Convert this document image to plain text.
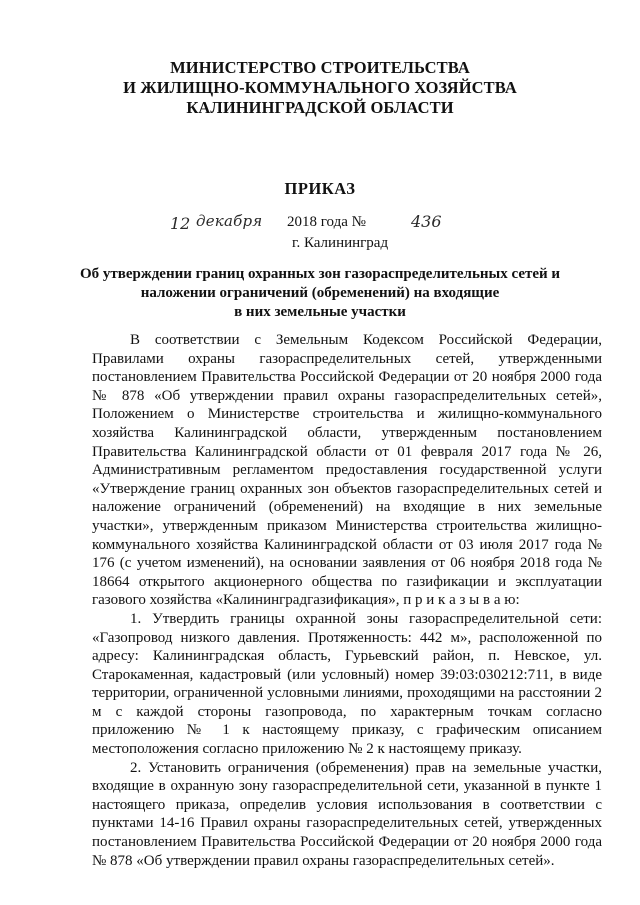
МИНИСТЕРСТВО СТРОИТЕЛЬСТВА
И ЖИЛИЩНО-КОММУНАЛЬНОГО ХОЗЯЙСТВА
КАЛИНИНГРАДСКОЙ ОБЛАСТИ
ПРИКАЗ
12 декабря 2018 года №	436
г. Калининград
Об утверждении границ охранных зон газораспределительных сетей и
наложении ограничений (обременений) на входящие
в них земельные участки

В соответствии с Земельным Кодексом Российской Федерации, Правилами охраны газораспределительных сетей, утвержденными постановлением Правительства Российской Федерации от 20 ноября 2000 года № 878 «Об утверждении правил охраны газораспределительных сетей», Положением о Министерстве строительства и жилищно-коммунального хозяйства Калининградской области, утвержденным постановлением Правительства Калининградской области от 01 февраля 2017 года № 26, Административным регламентом предоставления государственной услуги «Утверждение границ охранных зон объектов газораспределительных сетей и наложение ограничений (обременений) на входящие в них земельные участки», утвержденным приказом Министерства строительства жилищно-коммунального хозяйства Калининградской области от 03 июля 2017 года № 176 (с учетом изменений), на основании заявления от 06 ноября 2018 года № 18664 открытого акционерного общества по газификации и эксплуатации газового хозяйства «Калининградгазификация», п р и к а з ы в а ю:

1. Утвердить границы охранной зоны газораспределительной сети: «Газопровод низкого давления. Протяженность: 442 м», расположенной по адресу: Калининградская область, Гурьевский район, п. Невское, ул. Старокаменная, кадастровый (или условный) номер 39:03:030212:711, в виде территории, ограниченной условными линиями, проходящими на расстоянии 2 м с каждой стороны газопровода, по характерным точкам согласно приложению № 1 к настоящему приказу, с графическим описанием местоположения согласно приложению № 2 к настоящему приказу.

2. Установить ограничения (обременения) прав на земельные участки, входящие в охранную зону газораспределительной сети, указанной в пункте 1 настоящего приказа, определив условия использования в соответствии с пунктами 14-16 Правил охраны газораспределительных сетей, утвержденных постановлением Правительства Российской Федерации от 20 ноября 2000 года № 878 «Об утверждении правил охраны газораспределительных сетей».
